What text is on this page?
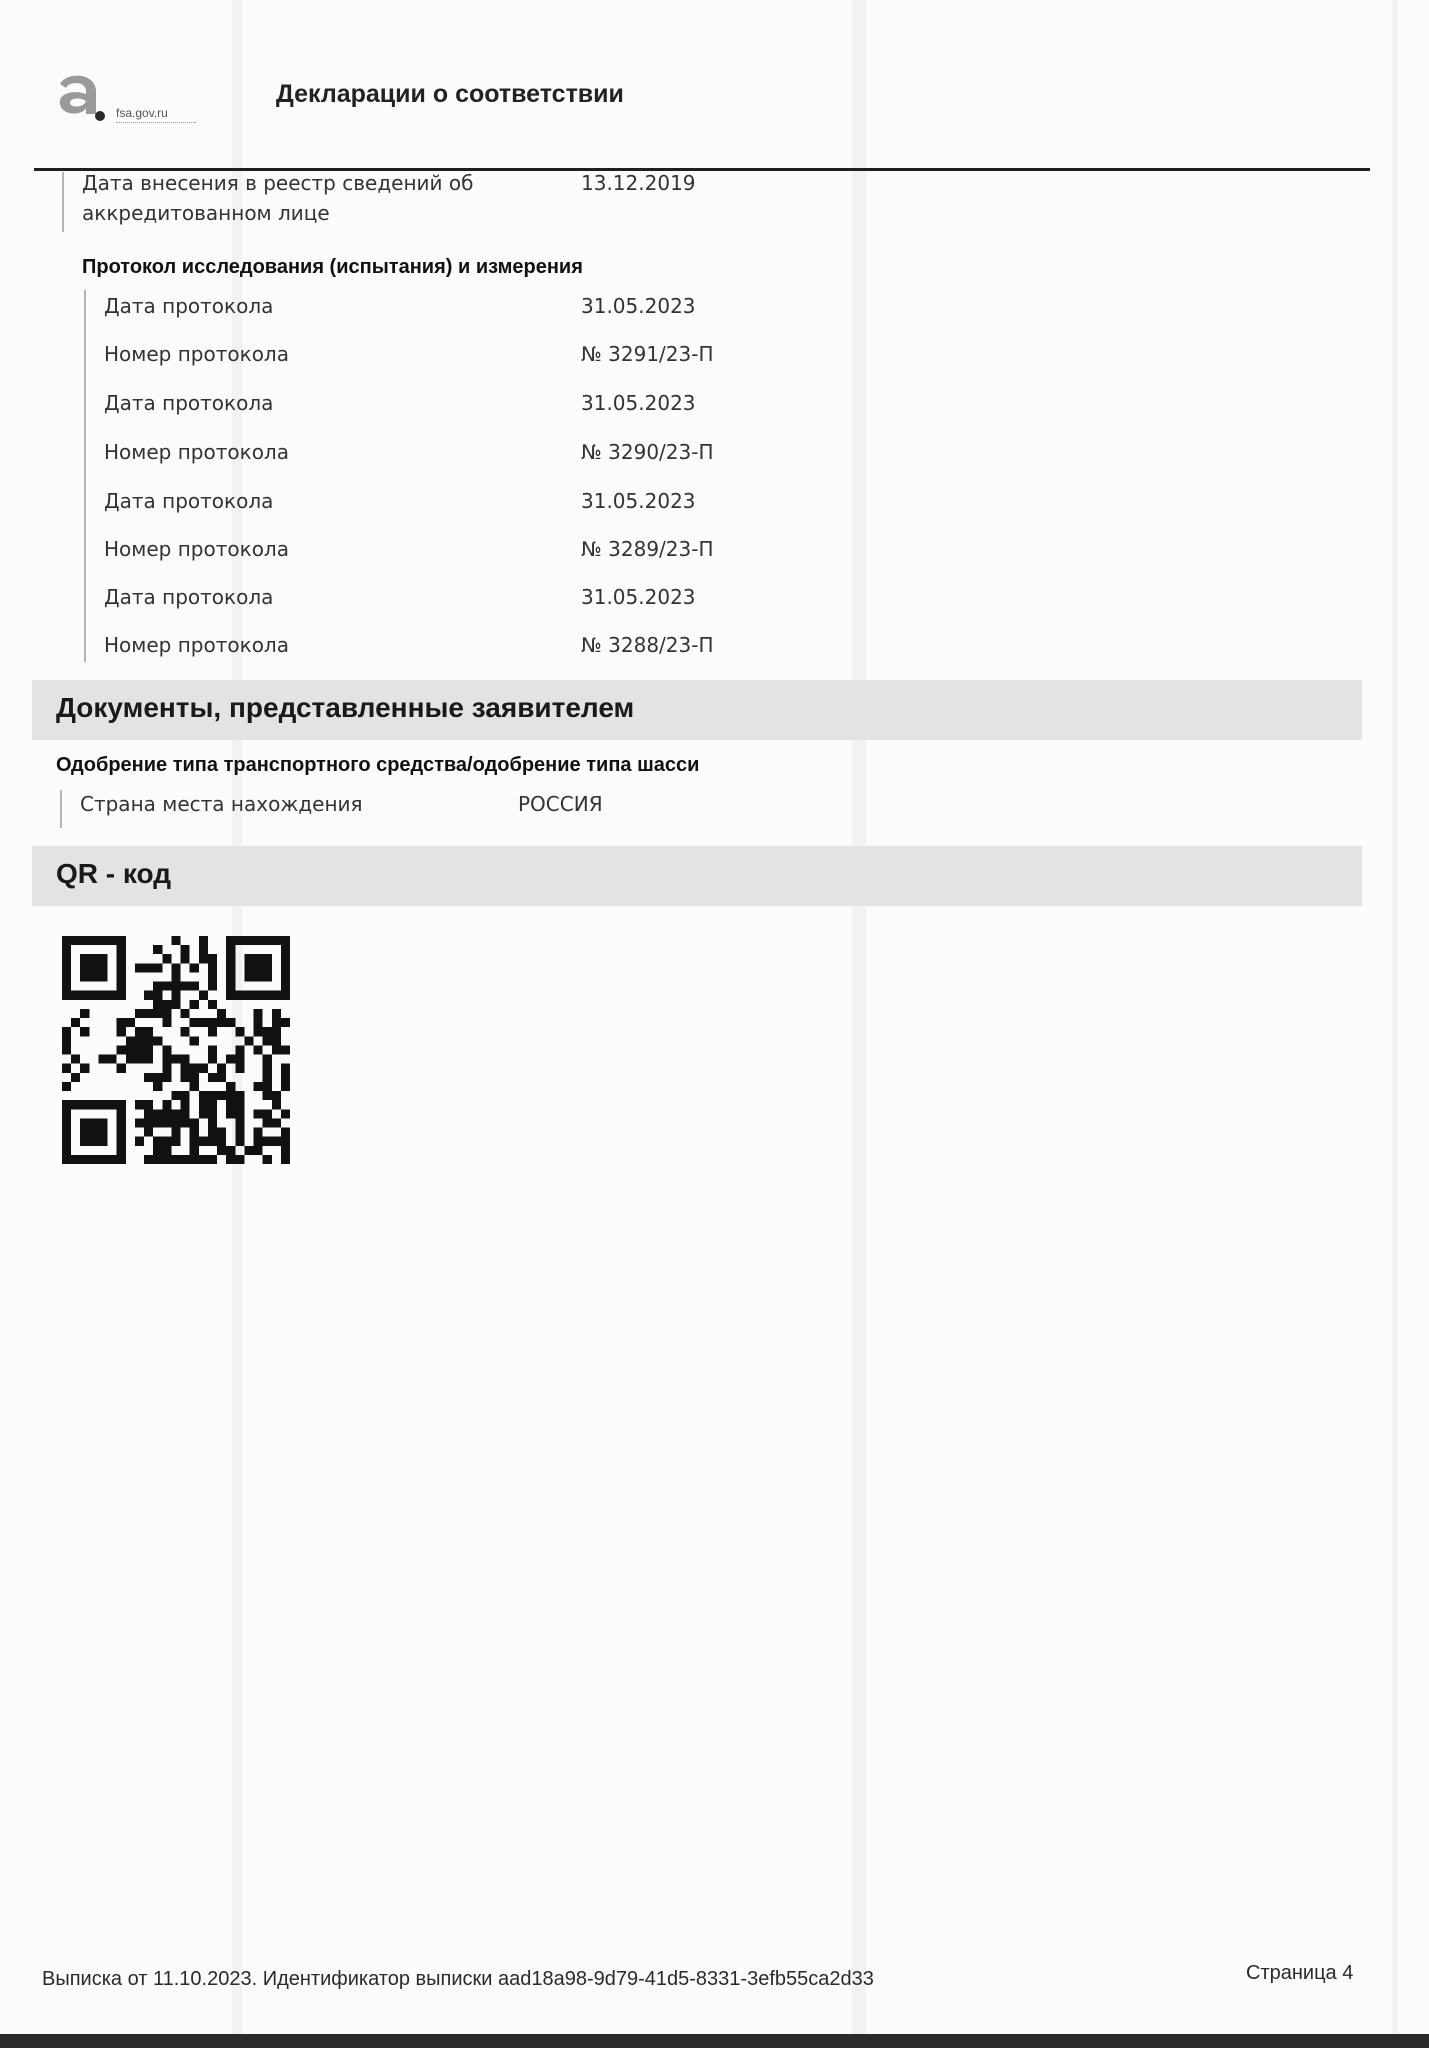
fsa.gov.ru
Декларации о соответствии
Дата внесения в реестр сведений об
аккредитованном лице
13.12.2019
Протокол исследования (испытания) и измерения
Дата протокола	31.05.2023
Номер протокола	№ 3291/23-П
Дата протокола	31.05.2023
Номер протокола	№ 3290/23-П
Дата протокола	31.05.2023
Номер протокола	№ 3289/23-П
Дата протокола	31.05.2023
Номер протокола	№ 3288/23-П
Документы, представленные заявителем
Одобрение типа транспортного средства/одобрение типа шасси
Страна места нахождения	РОССИЯ
QR - код
Выписка от 11.10.2023. Идентификатор выписки aad18a98-9d79-41d5-8331-3efb55ca2d33	Страница 4
